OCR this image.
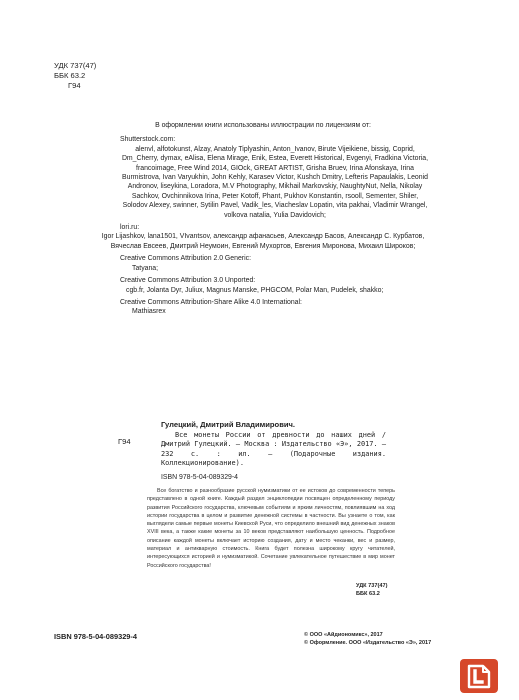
УДК 737(47)
ББК 63.2
Г94

В оформлении книги использованы иллюстрации по лицензиям от:

Shutterstock.com:

alenvl, alfotokunst, Alzay, Anatoly Tiplyashin, Anton_Ivanov, Birute Vijeikiene, bissig, Coprid, Dm_Cherry, dymax, eAlisa, Elena Mirage, Enik, Estea, Everett Historical, Evgenyi, Fradkina Victoria, francoimage, Free Wind 2014, GIOck, GREAT ARTIST, Grisha Bruev, Irina Afonskaya, Irina Burmistrova, Ivan Varyukhin, John Kehly, Karasev Victor, Kushch Dmitry, Lefteris Papaulakis, Leonid Andronov, liseykina, Loradora, M.V Photography, Mikhail Markovskiy, NaughtyNut, Nella, Nikolay Sachkov, Ovchinnikova Irina, Peter Kotoff, Phant, Pukhov Konstantin, rsooll, Sementer, Shiler, Solodov Alexey, swinner, Sytilin Pavel, Vadik_les, Viacheslav Lopatin, vita pakhai, Vladimir Wrangel, volkova natalia, Yulia Davidovich;

lori.ru:

Igor Lijashkov, lana1501, VIvantsov, александр афанасьев, Александр Басов, Александр С. Курбатов, Вячеслав Евсеев, Дмитрий Неумоин, Евгений Мухортов, Евгения Миронова, Михаил Широков;

Creative Commons Attribution 2.0 Generic:

Tatyana;

Creative Commons Attribution 3.0 Unported:

cgb.fr, Jolanta Dyr, Juliux, Magnus Manske, PHGCOM, Polar Man, Pudelek, shakko;

Creative Commons Attribution-Share Alike 4.0 International:

Mathiasrex

Гулецкий, Дмитрий Владимирович.
Г94

Все монеты России от древности до наших дней / Дмитрий Гулецкий. — Москва : Издательство «Э», 2017. — 232 с. : ил. — (Подарочные издания. Коллекционирование).

ISBN 978-5-04-089329-4

Все богатство и разнообразие русской нумизматики от ее истоков до современности теперь представлено в одной книге. Каждый раздел энциклопедии посвящен определенному периоду развития Российского государства, ключевым событиям и ярким личностям, повлиявшим на ход истории государства в целом и развитие денежной системы в частности. Вы узнаете о том, как выглядели самые первые монеты Киевской Руси, что определило внешний вид денежных знаков XVIII века, а также какие монеты за 10 веков представляют наибольшую ценность. Подробное описание каждой монеты включает историю создания, дату и место чеканки, вес и размер, материал и антикварную стоимость. Книга будет полезна широкому кругу читателей, интересующихся историей и нумизматикой. Сочетание увлекательное путешествие в мир монет Российского государства!

УДК 737(47)
ББК 63.2
ISBN 978-5-04-089329-4	© ООО «Айдиономикс», 2017
© Оформление. ООО «Издательство «Э», 2017
